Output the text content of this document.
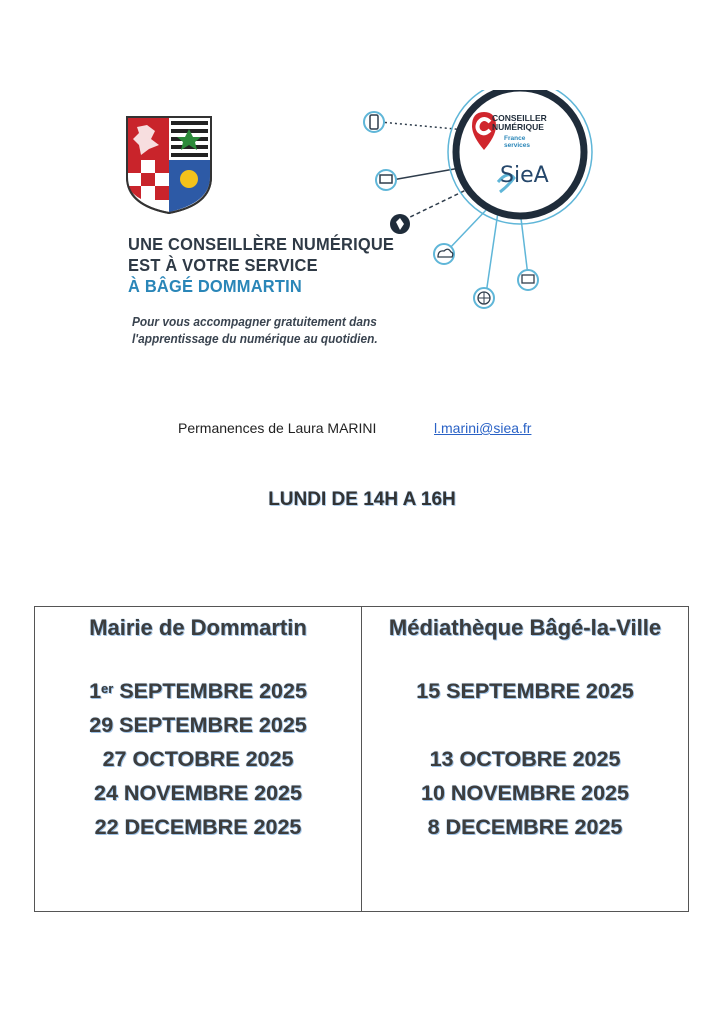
UNE CONSEILLÈRE NUMÉRIQUE
EST À VOTRE SERVICE
À BÂGÉ DOMMARTIN
Pour vous accompagner gratuitement dans
l'apprentissage du numérique au quotidien.
CONSEILLER
NUMÉRIQUE
France
services
SieA
Permanences de Laura MARINI	l.marini@siea.fr
LUNDI DE 14H A 16H
Mairie de Dommartin
1er SEPTEMBRE 2025
29 SEPTEMBRE 2025
27 OCTOBRE 2025
24 NOVEMBRE 2025
22 DECEMBRE 2025
Médiathèque Bâgé-la-Ville
15 SEPTEMBRE 2025
13 OCTOBRE 2025
10 NOVEMBRE 2025
8 DECEMBRE 2025
